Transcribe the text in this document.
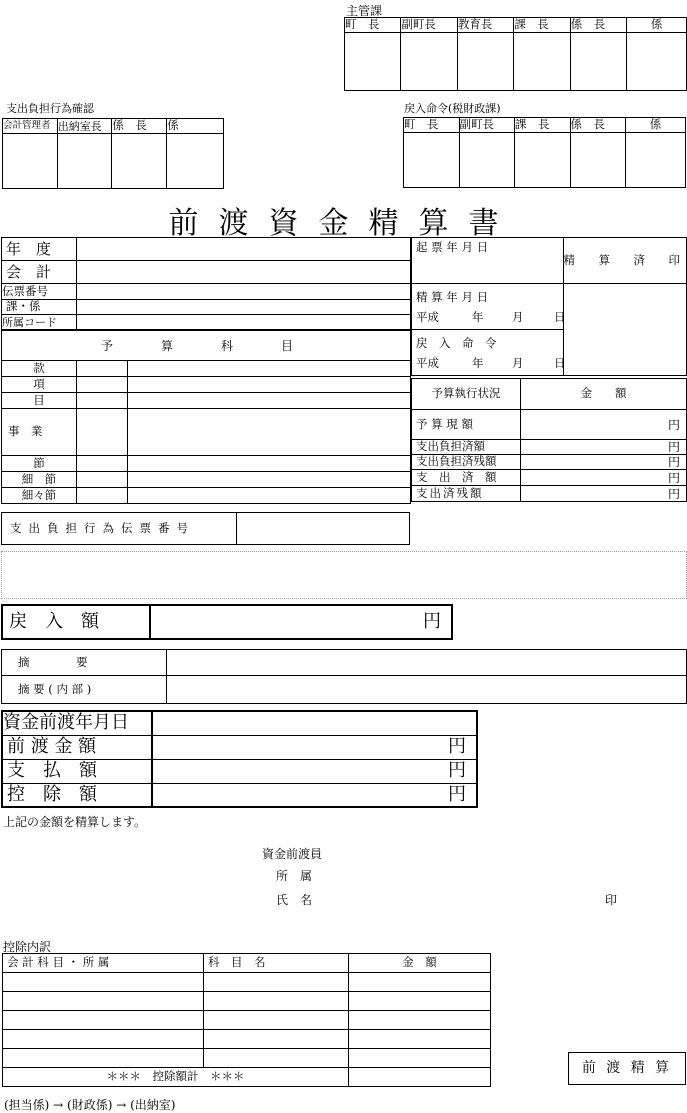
主管課
町　長	副町長	教育長	課　長	係　長	係

支出負担行為確認
会計管理者	出納室長	係　長	係

戻入命令(税財政課)
町　長	副町長	課　長	係　長	係

前渡資金精算書
年　度	

会　計	

伝票番号	

課・係	

所属コード	
予　算　科　目		
款		
項		
目		

事　業		

節		
細　節		
細々節		
起 票 年 月 日	精　算　済　印

精 算 年 月 日
平成 年 月 日	

戻　入　命　令
平成 年 月 日	
予算執行状況	金　　額
予 算 現 額	円
支出負担済額	円
支出負担済残額	円
支　出　済　額	円
支出済残額	円
支出負担行為伝票番号	
戻　入　額	円
摘　　　要	
摘 要 ( 内 部 )	
資金前渡年月日	

前 渡 金 額	円

支　払　額	円

控　除　額	円
上記の金額を精算します。
資金前渡員
所　属
氏　名	印
控除内訳
会 計 科 目 ・ 所 属	科　目　名	金　額

＊＊＊　控除額計　＊＊＊		
前 渡 精 算
(担当係) → (財政係) → (出納室)
